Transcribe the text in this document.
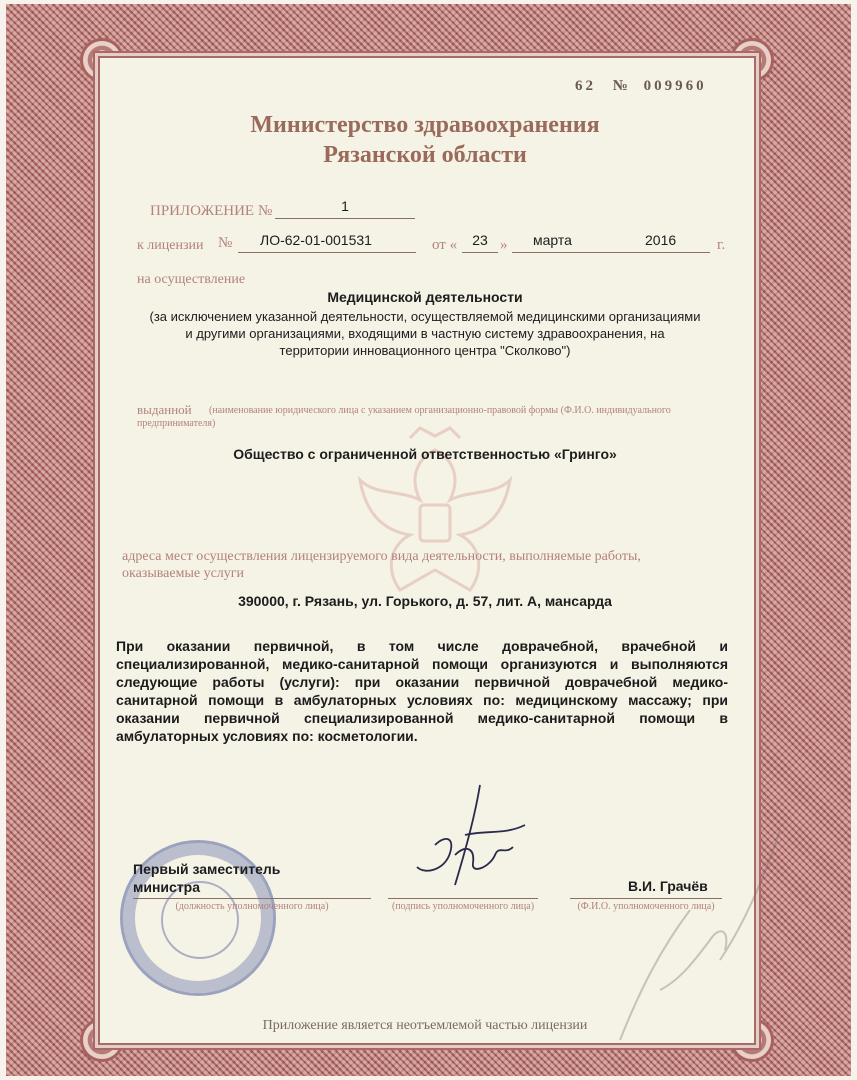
62 № 009960
Министерство здравоохранения
Рязанской области
ПРИЛОЖЕНИЕ №	1
к лицензии № ЛО-62-01-001531	от «	23 » марта	2016	г.
на осуществление
Медицинской деятельности
(за исключением указанной деятельности, осуществляемой медицинскими организациями
и другими организациями, входящими в частную систему здравоохранения, на
территории инновационного центра "Сколково")
выданной (наименование юридического лица с указанием организационно-правовой формы (Ф.И.О. индивидуального
предпринимателя)
Общество с ограниченной ответственностью «Гринго»
адреса мест осуществления лицензируемого вида деятельности, выполняемые работы,
оказываемые услуги
390000, г. Рязань, ул. Горького, д. 57, лит. А, мансарда
При оказании первичной, в том числе доврачебной, врачебной и специализированной, медико-санитарной помощи организуются и выполняются следующие работы (услуги): при оказании первичной доврачебной медико-санитарной помощи в амбулаторных условиях по: медицинскому массажу; при оказании первичной специализированной медико-санитарной помощи в амбулаторных условиях по: косметологии.
Первый заместитель
министра
(должность уполномоченного лица)	(подпись уполномоченного лица)
В.И. Грачёв
(Ф.И.О. уполномоченного лица)
Приложение является неотъемлемой частью лицензии
